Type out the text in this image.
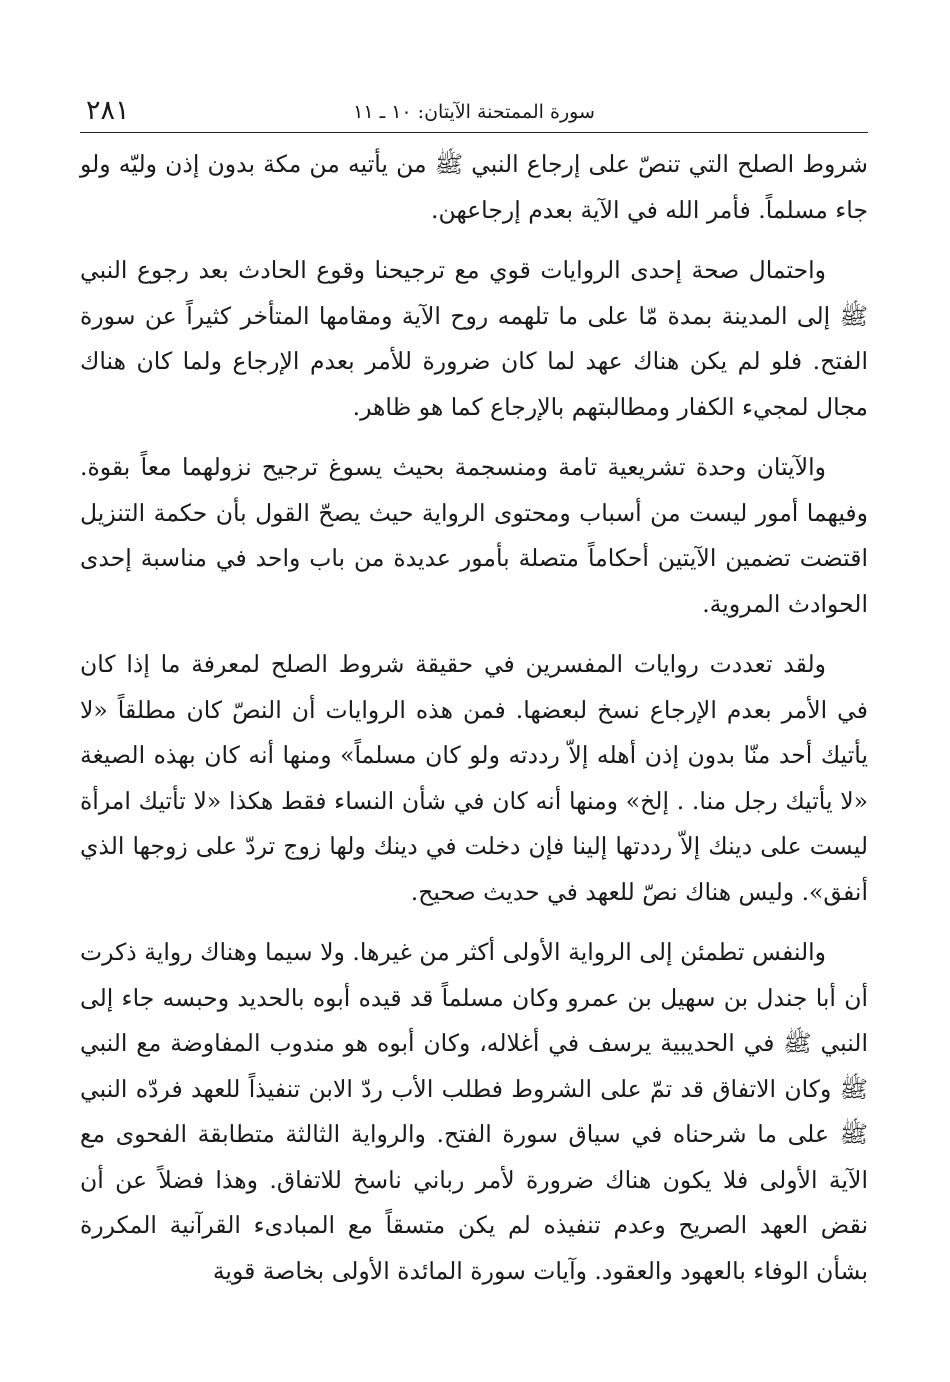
٢٨١	سورة الممتحنة الآيتان: ١٠ ـ ١١

شروط الصلح التي تنصّ على إرجاع النبي ﷺ من يأتيه من مكة بدون إذن وليّه ولو جاء مسلماً. فأمر الله في الآية بعدم إرجاعهن.

واحتمال صحة إحدى الروايات قوي مع ترجيحنا وقوع الحادث بعد رجوع النبي ﷺ إلى المدينة بمدة مّا على ما تلهمه روح الآية ومقامها المتأخر كثيراً عن سورة الفتح. فلو لم يكن هناك عهد لما كان ضرورة للأمر بعدم الإرجاع ولما كان هناك مجال لمجيء الكفار ومطالبتهم بالإرجاع كما هو ظاهر.

والآيتان وحدة تشريعية تامة ومنسجمة بحيث يسوغ ترجيح نزولهما معاً بقوة. وفيهما أمور ليست من أسباب ومحتوى الرواية حيث يصحّ القول بأن حكمة التنزيل اقتضت تضمين الآيتين أحكاماً متصلة بأمور عديدة من باب واحد في مناسبة إحدى الحوادث المروية.

ولقد تعددت روايات المفسرين في حقيقة شروط الصلح لمعرفة ما إذا كان في الأمر بعدم الإرجاع نسخ لبعضها. فمن هذه الروايات أن النصّ كان مطلقاً «لا يأتيك أحد منّا بدون إذن أهله إلاّ رددته ولو كان مسلماً» ومنها أنه كان بهذه الصيغة «لا يأتيك رجل منا. . إلخ» ومنها أنه كان في شأن النساء فقط هكذا «لا تأتيك امرأة ليست على دينك إلاّ رددتها إلينا فإن دخلت في دينك ولها زوج تردّ على زوجها الذي أنفق». وليس هناك نصّ للعهد في حديث صحيح.

والنفس تطمئن إلى الرواية الأولى أكثر من غيرها. ولا سيما وهناك رواية ذكرت أن أبا جندل بن سهيل بن عمرو وكان مسلماً قد قيده أبوه بالحديد وحبسه جاء إلى النبي ﷺ في الحديبية يرسف في أغلاله، وكان أبوه هو مندوب المفاوضة مع النبي ﷺ وكان الاتفاق قد تمّ على الشروط فطلب الأب ردّ الابن تنفيذاً للعهد فردّه النبي ﷺ على ما شرحناه في سياق سورة الفتح. والرواية الثالثة متطابقة الفحوى مع الآية الأولى فلا يكون هناك ضرورة لأمر رباني ناسخ للاتفاق. وهذا فضلاً عن أن نقض العهد الصريح وعدم تنفيذه لم يكن متسقاً مع المبادىء القرآنية المكررة بشأن الوفاء بالعهود والعقود. وآيات سورة المائدة الأولى بخاصة قوية
